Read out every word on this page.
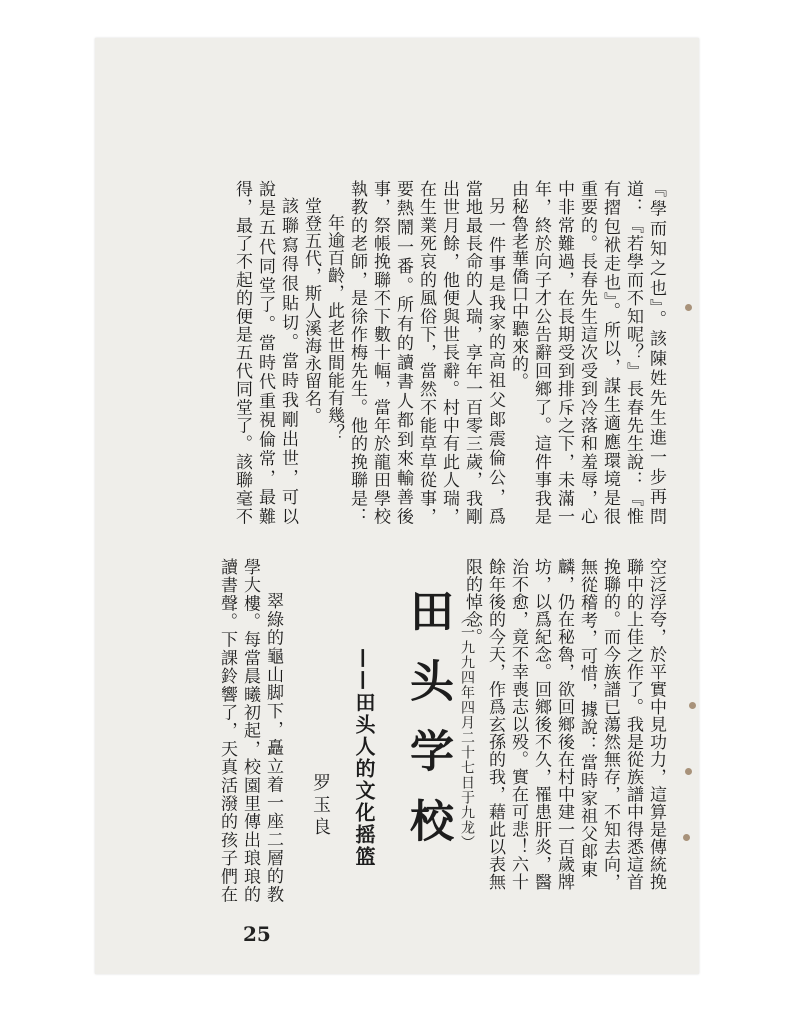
『學而知之也』。該陳姓先生進一步再問
道：『若學而不知呢？』長春先生說：『惟
有摺包袱走也』。所以，謀生適應環境是很
重要的。長春先生這次受到冷落和羞辱，心
中非常難過，在長期受到排斥之下，未滿一
年，終於向子才公告辭回鄉了。這件事我是
由秘魯老華僑口中聽來的。
另一件事是我家的高祖父郞震倫公，爲
當地最長命的人瑞，享年一百零三歲，我剛
出世月餘，他便與世長辭。村中有此人瑞，
在生業死哀的風俗下，當然不能草草從事，
要熱鬧一番。所有的讀書人都到來輸善後
事，祭帳挽聯不下數十幅，當年於龍田學校
執教的老師，是徐作梅先生。他的挽聯是：
年逾百齡，此老世間能有幾？
堂登五代，斯人溪海永留名。
該聯寫得很貼切。當時我剛出世，可以
說是五代同堂了。當時代重視倫常，最難
得，最了不起的便是五代同堂了。該聯毫不
空泛浮夸，於平實中見功力，這算是傳統挽
聯中的上佳之作了。我是從族譜中得悉這首
挽聯的。而今族譜已蕩然無存，不知去向，
無從稽考，可惜，據說：當時家祖父郞東
麟，仍在秘魯，欲回鄉後在村中建一百歲牌
坊，以爲紀念。回鄉後不久，罹患肝炎，醫
治不愈，竟不幸喪志以殁。實在可悲！六十
餘年後的今天，作爲玄孫的我，藉此以表無
限的悼念。
（一九九四年四月二十七日于九龙）
田头学校
——田头人的文化摇篮
罗玉良
翠綠的龜山脚下，矗立着一座二層的教
學大樓。每當晨曦初起，校園里傳出琅琅的
讀書聲。下課鈴響了，天真活潑的孩子們在
25
